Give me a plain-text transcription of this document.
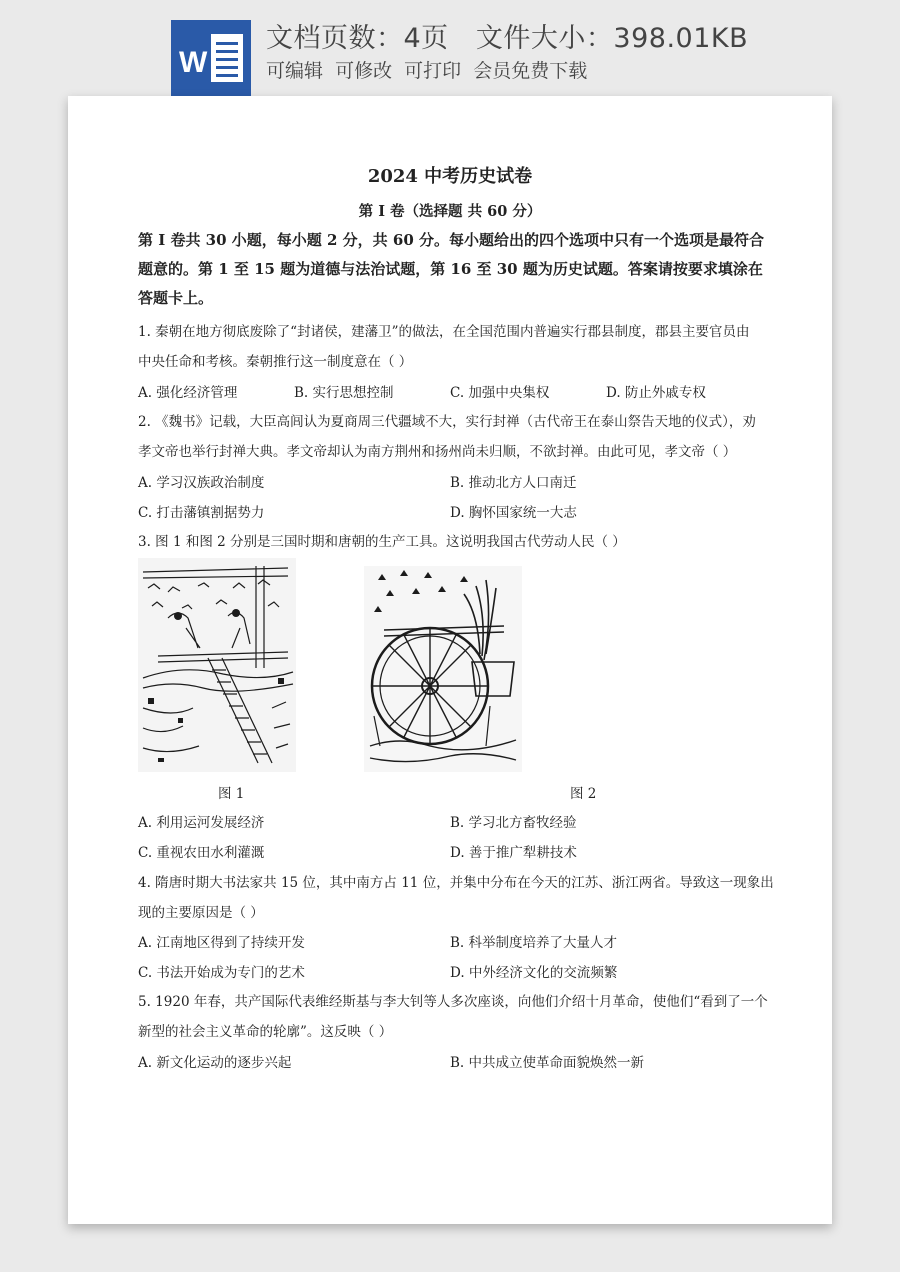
W
文档页数：4页   文件大小：398.01KB
可编辑  可修改  可打印  会员免费下载
2024 中考历史试卷
第 I 卷（选择题 共 60 分）

第 I 卷共 30 小题，每小题 2 分，共 60 分。每小题给出的四个选项中只有一个选项是最符合题意的。第 1 至 15 题为道德与法治试题，第 16 至 30 题为历史试题。答案请按要求填涂在答题卡上。

1. 秦朝在地方彻底废除了“封诸侯，建藩卫”的做法，在全国范围内普遍实行郡县制度，郡县主要官员由
中央任命和考核。秦朝推行这一制度意在（ ）
A. 强化经济管理	B. 实行思想控制	C. 加强中央集权	D. 防止外戚专权
2. 《魏书》记载，大臣高闾认为夏商周三代疆域不大，实行封禅（古代帝王在泰山祭告天地的仪式），劝
孝文帝也举行封禅大典。孝文帝却认为南方荆州和扬州尚未归顺，不欲封禅。由此可见，孝文帝（ ）
A. 学习汉族政治制度	B. 推动北方人口南迁
C. 打击藩镇割据势力	D. 胸怀国家统一大志
3. 图 1 和图 2 分别是三国时期和唐朝的生产工具。这说明我国古代劳动人民（ ）
图 1	图 2
A. 利用运河发展经济	B. 学习北方畜牧经验
C. 重视农田水利灌溉	D. 善于推广犁耕技术
4. 隋唐时期大书法家共 15 位，其中南方占 11 位，并集中分布在今天的江苏、浙江两省。导致这一现象出
现的主要原因是（ ）
A. 江南地区得到了持续开发	B. 科举制度培养了大量人才
C. 书法开始成为专门的艺术	D. 中外经济文化的交流频繁
5. 1920 年春，共产国际代表维经斯基与李大钊等人多次座谈，向他们介绍十月革命，使他们“看到了一个
新型的社会主义革命的轮廓”。这反映（ ）
A. 新文化运动的逐步兴起	B. 中共成立使革命面貌焕然一新
